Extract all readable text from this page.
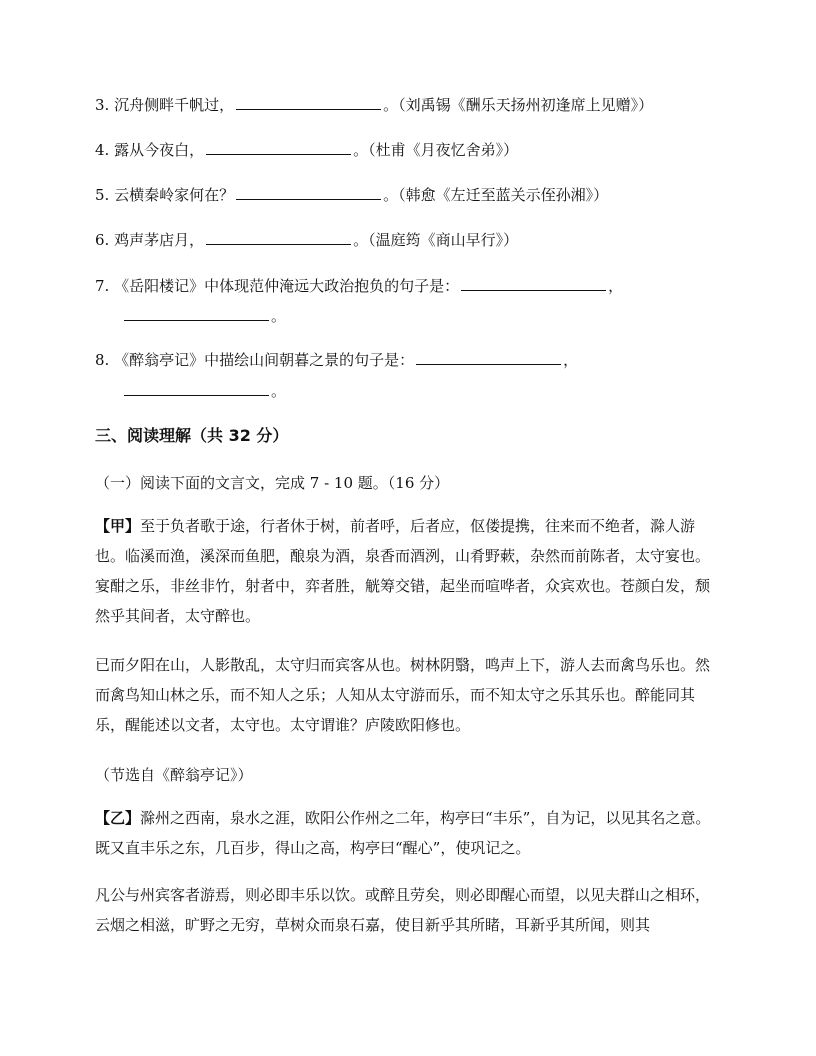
3. 沉舟侧畔千帆过，	。（刘禹锡《酬乐天扬州初逢席上见赠》）
4. 露从今夜白，	。（杜甫《月夜忆舍弟》）
5. 云横秦岭家何在？	。（韩愈《左迁至蓝关示侄孙湘》）
6. 鸡声茅店月，	。（温庭筠《商山早行》）
7. 《岳阳楼记》中体现范仲淹远大政治抱负的句子是：	，
。
8. 《醉翁亭记》中描绘山间朝暮之景的句子是：	，
。
三、阅读理解（共 32 分）
（一）阅读下面的文言文，完成 7 - 10 题。（16 分）

【甲】至于负者歌于途，行者休于树，前者呼，后者应，伛偻提携，往来而不绝者，滁人游也。临溪而渔，溪深而鱼肥，酿泉为酒，泉香而酒洌，山肴野蔌，杂然而前陈者，太守宴也。宴酣之乐，非丝非竹，射者中，弈者胜，觥筹交错，起坐而喧哗者，众宾欢也。苍颜白发，颓然乎其间者，太守醉也。

已而夕阳在山，人影散乱，太守归而宾客从也。树林阴翳，鸣声上下，游人去而禽鸟乐也。然而禽鸟知山林之乐，而不知人之乐；人知从太守游而乐，而不知太守之乐其乐也。醉能同其乐，醒能述以文者，太守也。太守谓谁？庐陵欧阳修也。

（节选自《醉翁亭记》）

【乙】滁州之西南，泉水之涯，欧阳公作州之二年，构亭曰“丰乐”，自为记，以见其名之意。既又直丰乐之东，几百步，得山之高，构亭曰“醒心”，使巩记之。

凡公与州宾客者游焉，则必即丰乐以饮。或醉且劳矣，则必即醒心而望，以见夫群山之相环，云烟之相滋，旷野之无穷，草树众而泉石嘉，使目新乎其所睹，耳新乎其所闻，则其
